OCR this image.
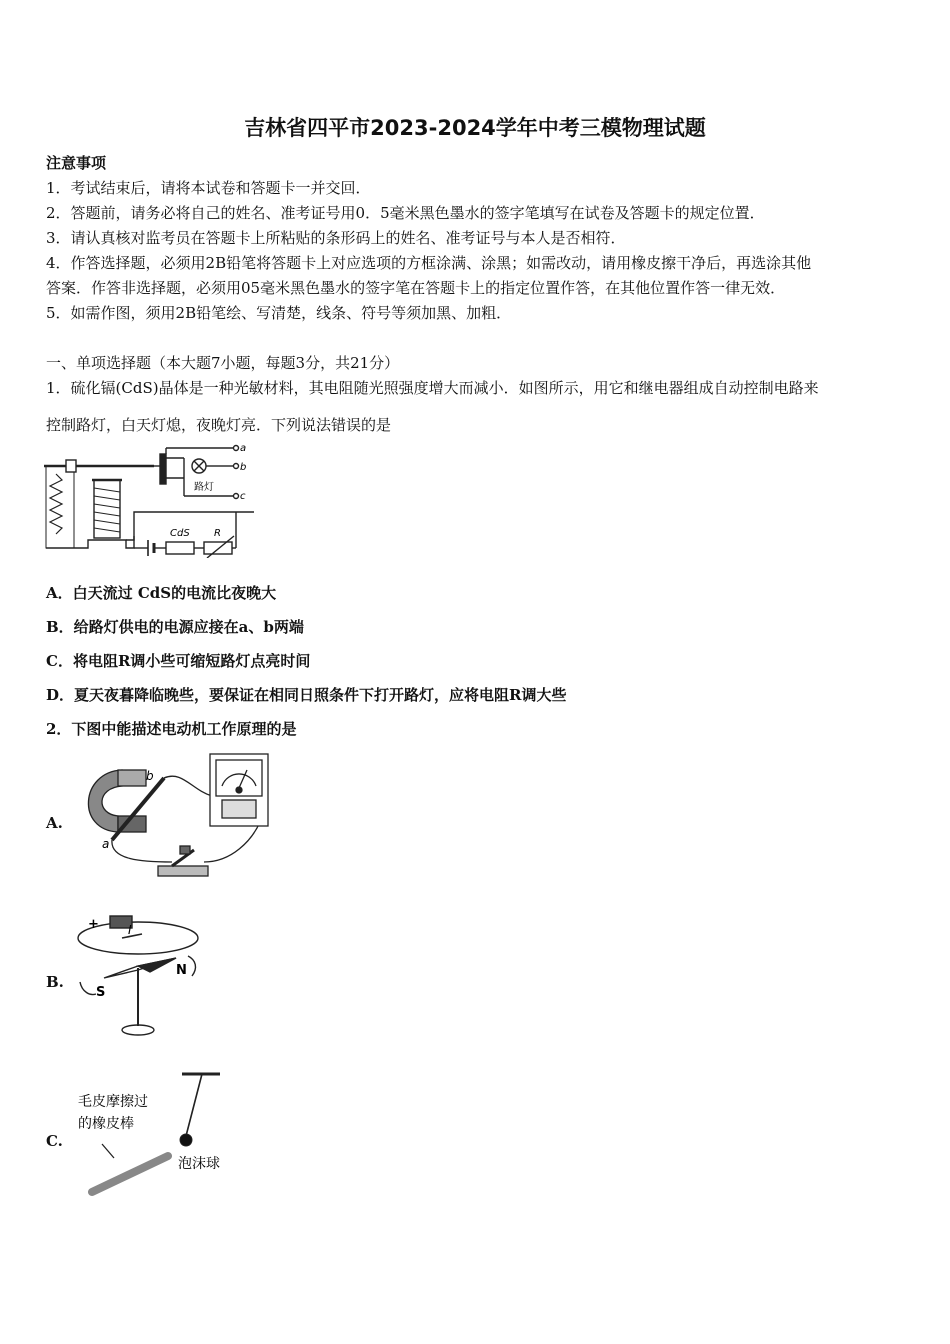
吉林省四平市2023-2024学年中考三模物理试题
注意事项
1．考试结束后，请将本试卷和答题卡一并交回．
2．答题前，请务必将自己的姓名、准考证号用0．5毫米黑色墨水的签字笔填写在试卷及答题卡的规定位置．
3．请认真核对监考员在答题卡上所粘贴的条形码上的姓名、准考证号与本人是否相符．
4．作答选择题，必须用2B铅笔将答题卡上对应选项的方框涂满、涂黑；如需改动，请用橡皮擦干净后，再选涂其他
答案．作答非选择题，必须用05毫米黑色墨水的签字笔在答题卡上的指定位置作答，在其他位置作答一律无效．
5．如需作图，须用2B铅笔绘、写清楚，线条、符号等须加黑、加粗．
一、单项选择题（本大题7小题，每题3分，共21分）
1．硫化镉(CdS)晶体是一种光敏材料，其电阻随光照强度增大而减小．如图所示，用它和继电器组成自动控制电路来
控制路灯，白天灯熄，夜晚灯亮．下列说法错误的是
a
b
c
路灯
CdS R
A．白天流过 CdS的电流比夜晚大
B．给路灯供电的电源应接在a、b两端
C．将电阻R调小些可缩短路灯点亮时间
D．夏天夜暮降临晚些，要保证在相同日照条件下打开路灯，应将电阻R调大些
2．下图中能描述电动机工作原理的是
A.
a
b
B.
+ I
N
S
C.
毛皮摩擦过
的橡皮棒
泡沫球
